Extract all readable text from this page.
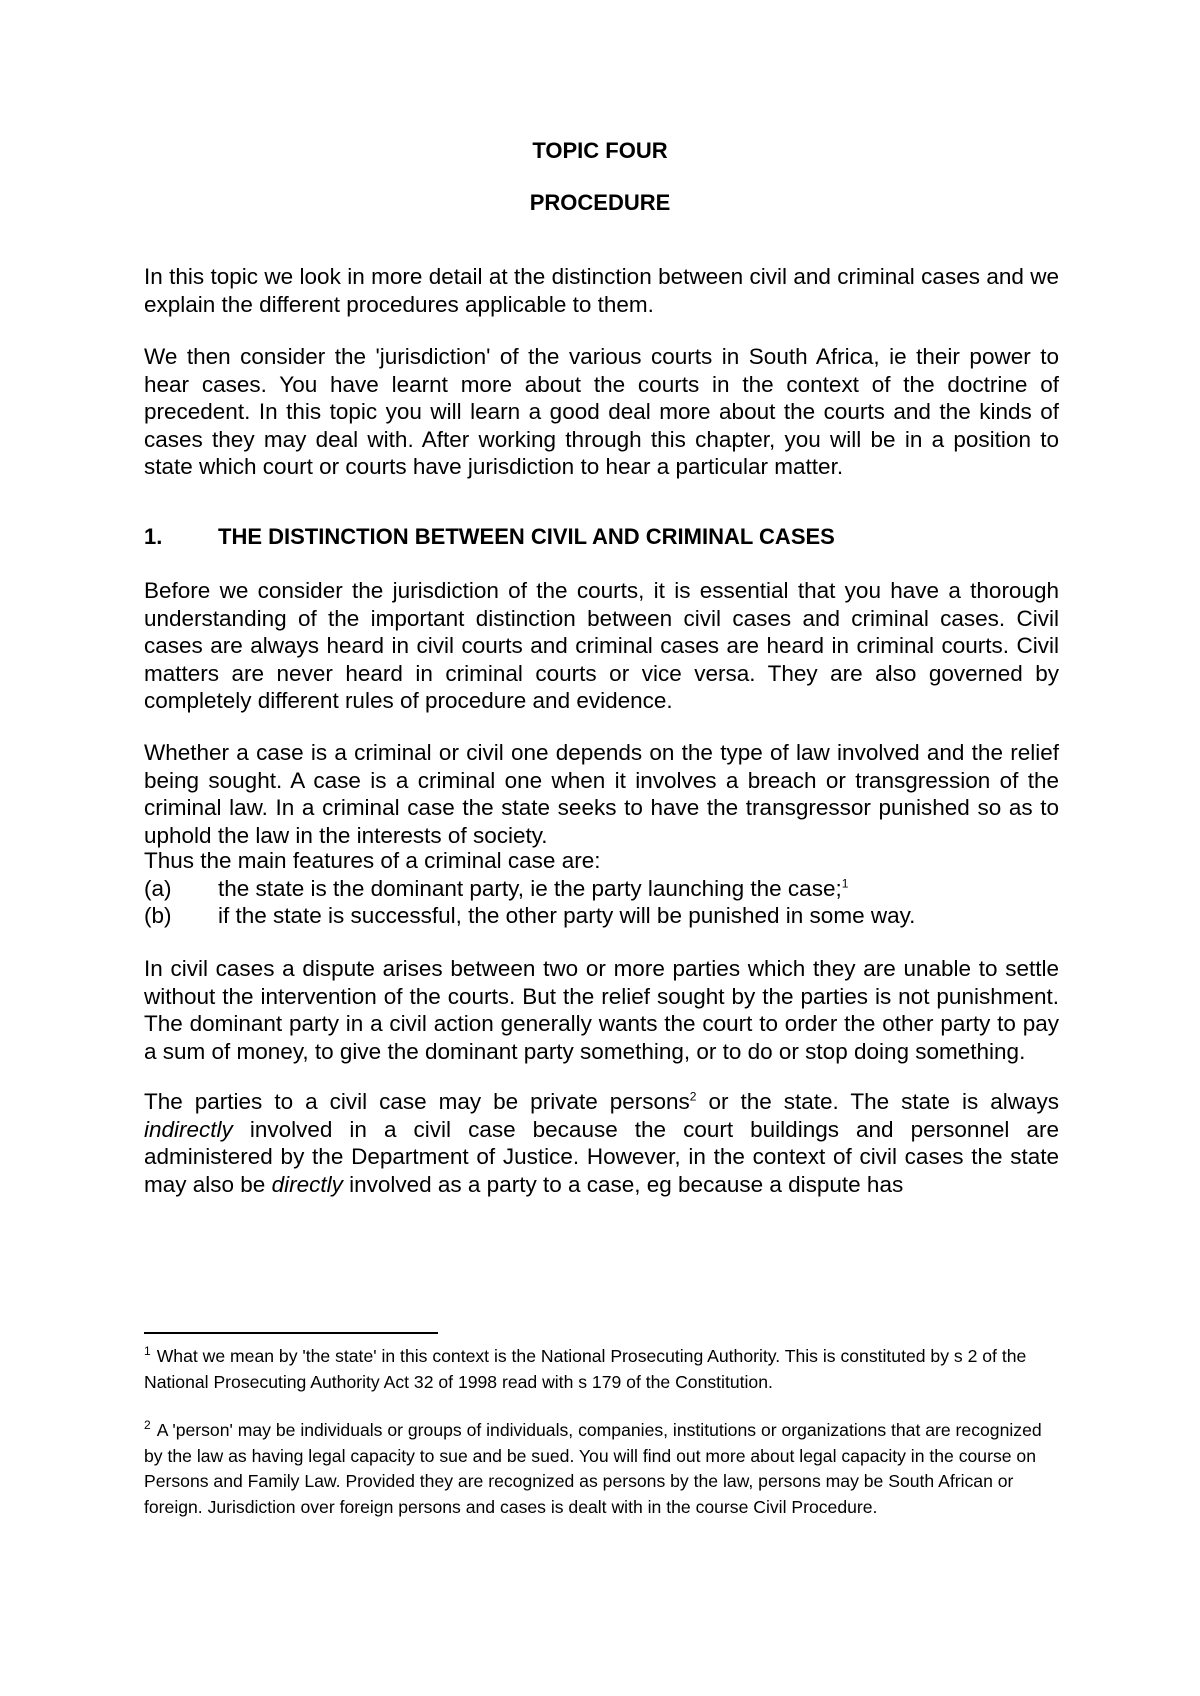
TOPIC FOUR
PROCEDURE
In this topic we look in more detail at the distinction between civil and criminal cases and we explain the different procedures applicable to them.
We then consider the 'jurisdiction' of the various courts in South Africa, ie their power to hear cases. You have learnt more about the courts in the context of the doctrine of precedent. In this topic you will learn a good deal more about the courts and the kinds of cases they may deal with. After working through this chapter, you will be in a position to state which court or courts have jurisdiction to hear a particular matter.
1.	THE DISTINCTION BETWEEN CIVIL AND CRIMINAL CASES
Before we consider the jurisdiction of the courts, it is essential that you have a thorough understanding of the important distinction between civil cases and criminal cases. Civil cases are always heard in civil courts and criminal cases are heard in criminal courts. Civil matters are never heard in criminal courts or vice versa. They are also governed by completely different rules of procedure and evidence.
Whether a case is a criminal or civil one depends on the type of law involved and the relief being sought. A case is a criminal one when it involves a breach or transgression of the criminal law. In a criminal case the state seeks to have the transgressor punished so as to uphold the law in the interests of society.
Thus the main features of a criminal case are:
(a) the state is the dominant party, ie the party launching the case;$^1$
(b) if the state is successful, the other party will be punished in some way.
In civil cases a dispute arises between two or more parties which they are unable to settle without the intervention of the courts. But the relief sought by the parties is not punishment. The dominant party in a civil action generally wants the court to order the other party to pay a sum of money, to give the dominant party something, or to do or stop doing something.
The parties to a civil case may be private persons$^2$ or the state. The state is always indirectly involved in a civil case because the court buildings and personnel are administered by the Department of Justice. However, in the context of civil cases the state may also be directly involved as a party to a case, eg because a dispute has
$^1$ What we mean by 'the state' in this context is the National Prosecuting Authority. This is constituted by s 2 of the National Prosecuting Authority Act 32 of 1998 read with s 179 of the Constitution.
$^2$ A 'person' may be individuals or groups of individuals, companies, institutions or organizations that are recognized by the law as having legal capacity to sue and be sued. You will find out more about legal capacity in the course on Persons and Family Law. Provided they are recognized as persons by the law, persons may be South African or foreign. Jurisdiction over foreign persons and cases is dealt with in the course Civil Procedure.
